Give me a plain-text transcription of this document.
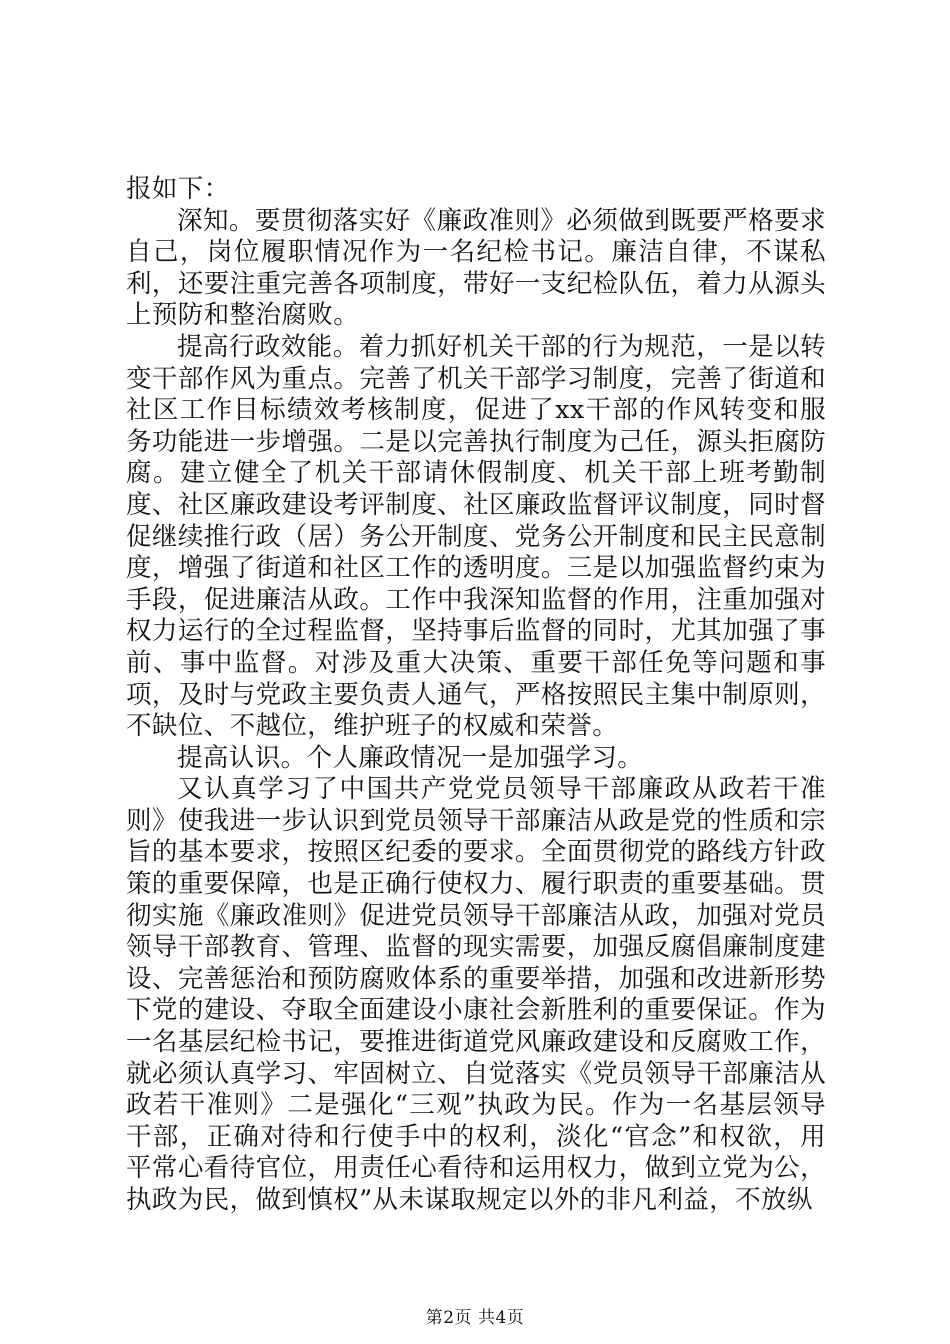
报如下：

深知。要贯彻落实好《廉政准则》必须做到既要严格要求自己，岗位履职情况作为一名纪检书记。廉洁自律，不谋私利，还要注重完善各项制度，带好一支纪检队伍，着力从源头上预防和整治腐败。

提高行政效能。着力抓好机关干部的行为规范，一是以转变干部作风为重点。完善了机关干部学习制度，完善了街道和社区工作目标绩效考核制度，促进了xx干部的作风转变和服务功能进一步增强。二是以完善执行制度为己任，源头拒腐防腐。建立健全了机关干部请休假制度、机关干部上班考勤制度、社区廉政建设考评制度、社区廉政监督评议制度，同时督促继续推行政（居）务公开制度、党务公开制度和民主民意制度，增强了街道和社区工作的透明度。三是以加强监督约束为手段，促进廉洁从政。工作中我深知监督的作用，注重加强对权力运行的全过程监督，坚持事后监督的同时，尤其加强了事前、事中监督。对涉及重大决策、重要干部任免等问题和事项，及时与党政主要负责人通气，严格按照民主集中制原则，不缺位、不越位，维护班子的权威和荣誉。

提高认识。个人廉政情况一是加强学习。

又认真学习了中国共产党党员领导干部廉政从政若干准则》使我进一步认识到党员领导干部廉洁从政是党的性质和宗旨的基本要求，按照区纪委的要求。全面贯彻党的路线方针政策的重要保障，也是正确行使权力、履行职责的重要基础。贯彻实施《廉政准则》促进党员领导干部廉洁从政，加强对党员领导干部教育、管理、监督的现实需要，加强反腐倡廉制度建设、完善惩治和预防腐败体系的重要举措，加强和改进新形势下党的建设、夺取全面建设小康社会新胜利的重要保证。作为一名基层纪检书记，要推进街道党风廉政建设和反腐败工作，就必须认真学习、牢固树立、自觉落实《党员领导干部廉洁从政若干准则》二是强化“三观”执政为民。作为一名基层领导干部，正确对待和行使手中的权利，淡化“官念”和权欲，用平常心看待官位，用责任心看待和运用权力，做到立党为公，执政为民，做到慎权”从未谋取规定以外的非凡利益，不放纵

第2页 共4页
